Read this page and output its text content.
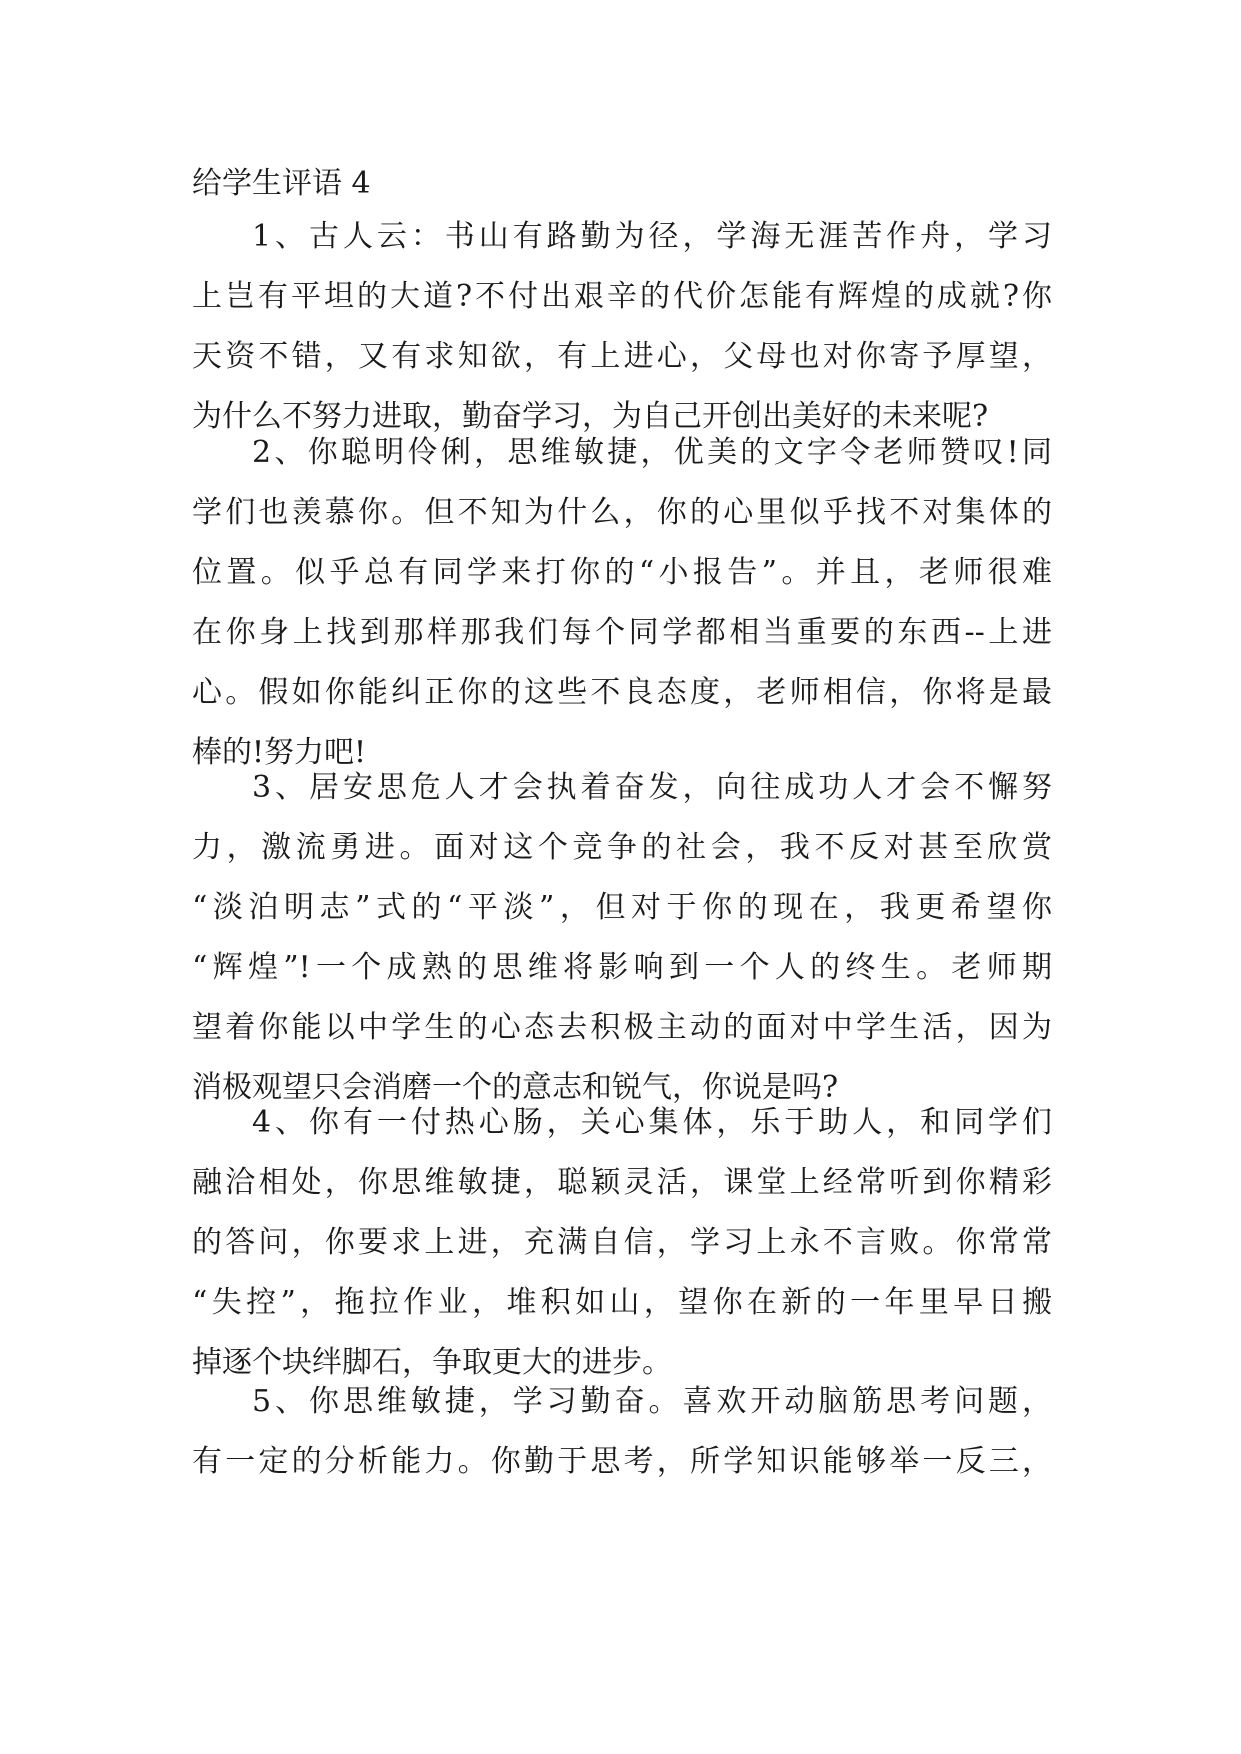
给学生评语 4
1、古人云：书山有路勤为径，学海无涯苦作舟，学习
上岂有平坦的大道?不付出艰辛的代价怎能有辉煌的成就?你
天资不错，又有求知欲，有上进心，父母也对你寄予厚望，
为什么不努力进取，勤奋学习，为自己开创出美好的未来呢?
2、你聪明伶俐，思维敏捷，优美的文字令老师赞叹!同
学们也羡慕你。但不知为什么，你的心里似乎找不对集体的
位置。似乎总有同学来打你的“小报告”。并且，老师很难
在你身上找到那样那我们每个同学都相当重要的东西--上进
心。假如你能纠正你的这些不良态度，老师相信，你将是最
棒的!努力吧!
3、居安思危人才会执着奋发，向往成功人才会不懈努
力，激流勇进。面对这个竞争的社会，我不反对甚至欣赏
“淡泊明志”式的“平淡”，但对于你的现在，我更希望你
“辉煌”!一个成熟的思维将影响到一个人的终生。老师期
望着你能以中学生的心态去积极主动的面对中学生活，因为
消极观望只会消磨一个的意志和锐气，你说是吗?
4、你有一付热心肠，关心集体，乐于助人，和同学们
融洽相处，你思维敏捷，聪颖灵活，课堂上经常听到你精彩
的答问，你要求上进，充满自信，学习上永不言败。你常常
“失控”，拖拉作业，堆积如山，望你在新的一年里早日搬
掉逐个块绊脚石，争取更大的进步。
5、你思维敏捷，学习勤奋。喜欢开动脑筋思考问题，
有一定的分析能力。你勤于思考，所学知识能够举一反三，
